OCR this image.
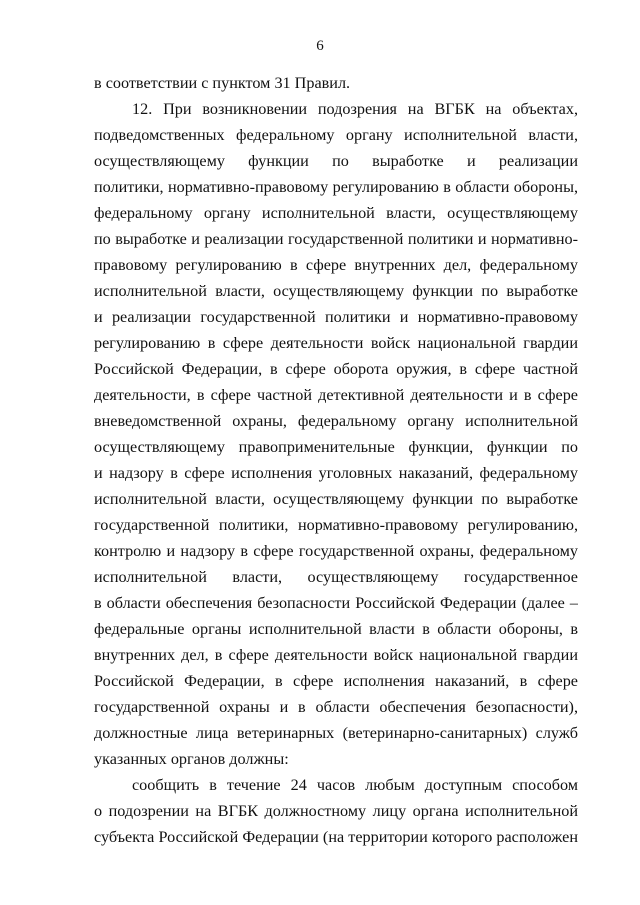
6
в соответствии с пунктом 31 Правил.
12. При возникновении подозрения на ВГБК на объектах,
подведомственных федеральному органу исполнительной власти,
осуществляющему функции по выработке и реализации
политики, нормативно-правовому регулированию в области обороны,
федеральному органу исполнительной власти, осуществляющему
по выработке и реализации государственной политики и нормативно-
правовому регулированию в сфере внутренних дел, федеральному
исполнительной власти, осуществляющему функции по выработке
и реализации государственной политики и нормативно-правовому
регулированию в сфере деятельности войск национальной гвардии
Российской Федерации, в сфере оборота оружия, в сфере частной
деятельности, в сфере частной детективной деятельности и в сфере
вневедомственной охраны, федеральному органу исполнительной
осуществляющему правоприменительные функции, функции по
и надзору в сфере исполнения уголовных наказаний, федеральному
исполнительной власти, осуществляющему функции по выработке
государственной политики, нормативно-правовому регулированию,
контролю и надзору в сфере государственной охраны, федеральному
исполнительной власти, осуществляющему государственное
в области обеспечения безопасности Российской Федерации (далее –
федеральные органы исполнительной власти в области обороны, в
внутренних дел, в сфере деятельности войск национальной гвардии
Российской Федерации, в сфере исполнения наказаний, в сфере
государственной охраны и в области обеспечения безопасности),
должностные лица ветеринарных (ветеринарно-санитарных) служб
указанных органов должны:
сообщить в течение 24 часов любым доступным способом
о подозрении на ВГБК должностному лицу органа исполнительной
субъекта Российской Федерации (на территории которого расположен
